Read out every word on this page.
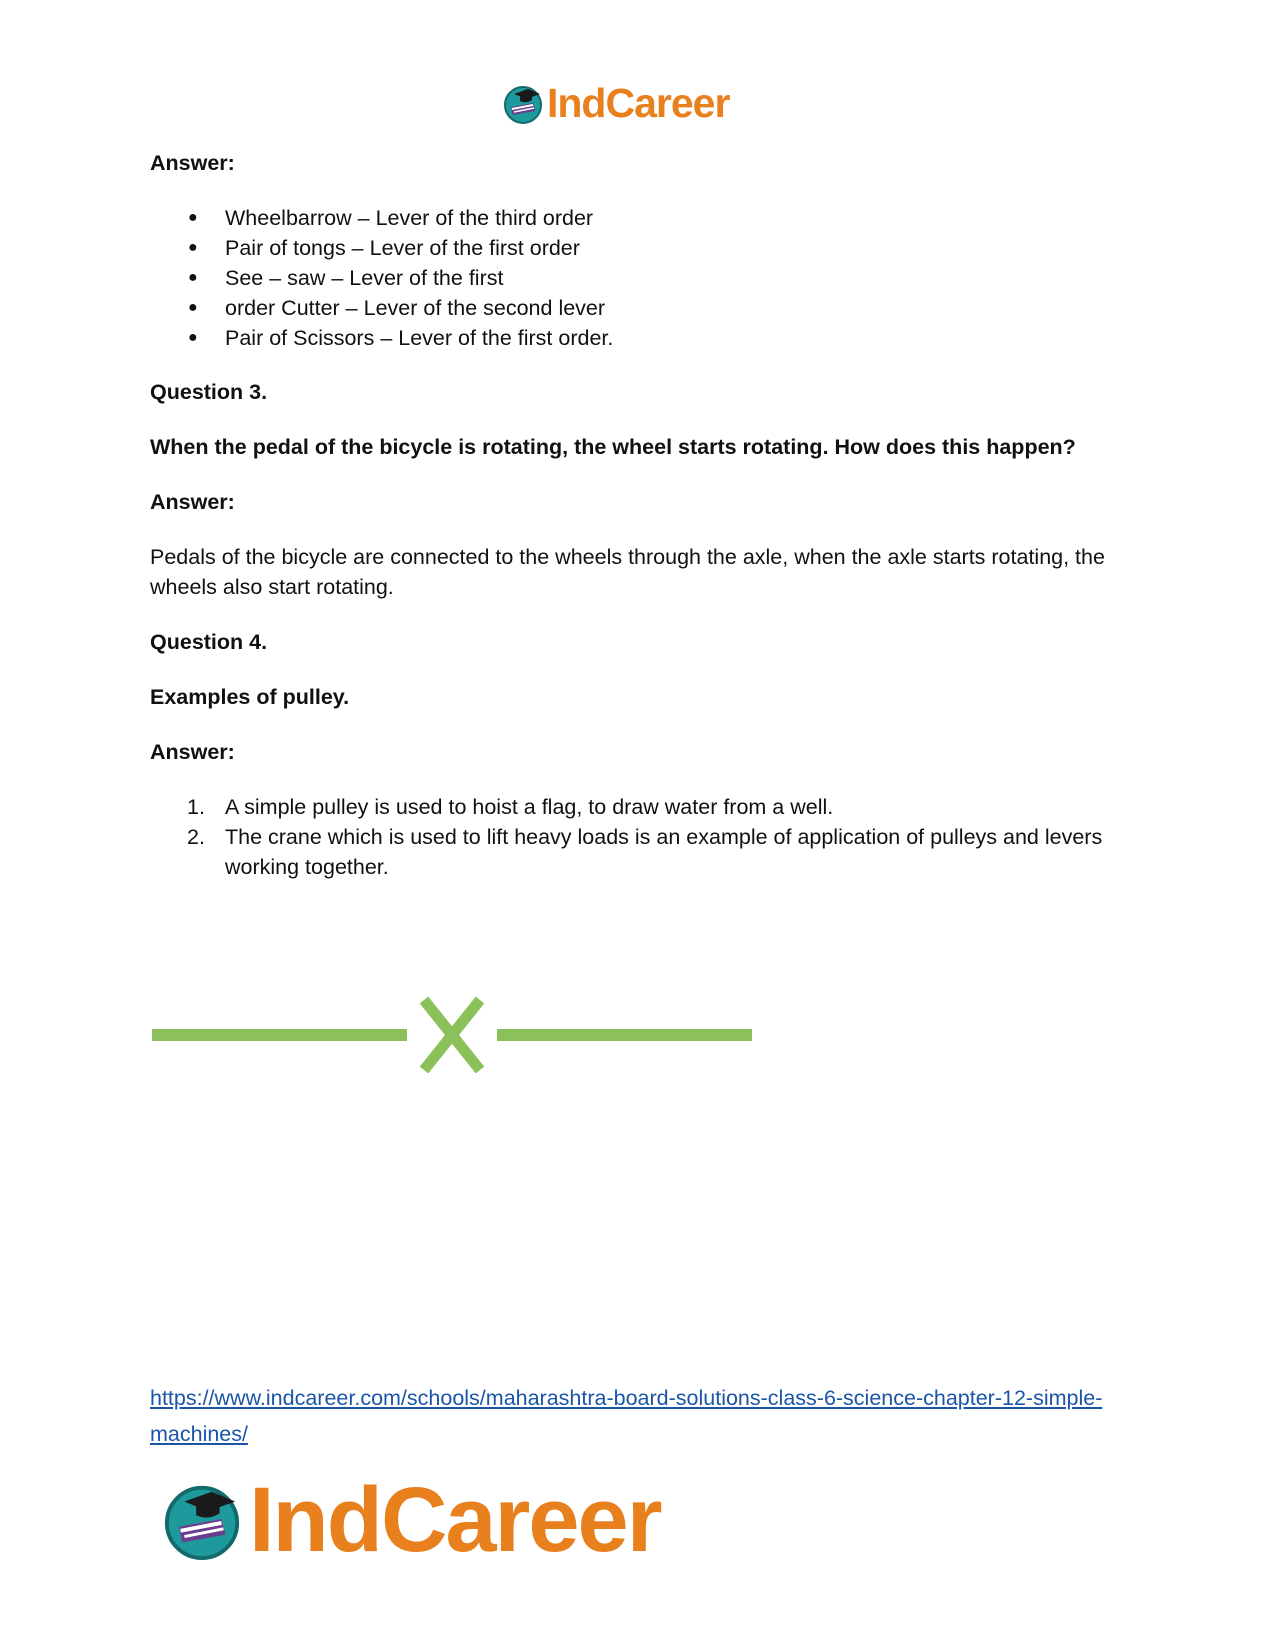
IndCareer

Answer:

● Wheelbarrow – Lever of the third order
● Pair of tongs – Lever of the first order
● See – saw – Lever of the first
● order Cutter – Lever of the second lever
● Pair of Scissors – Lever of the first order.

Question 3.

When the pedal of the bicycle is rotating, the wheel starts rotating. How does this happen?

Answer:

Pedals of the bicycle are connected to the wheels through the axle, when the axle starts rotating, the wheels also start rotating.

Question 4.

Examples of pulley.

Answer:

1. A simple pulley is used to hoist a flag, to draw water from a well.
2. The crane which is used to lift heavy loads is an example of application of pulleys and levers working together.
https://www.indcareer.com/schools/maharashtra-board-solutions-class-6-science-chapter-12-simple-machines/
IndCareer
